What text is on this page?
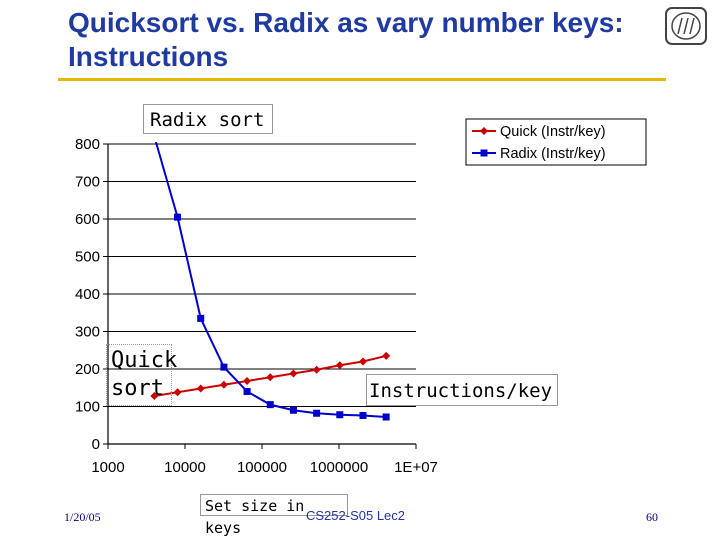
Quicksort vs. Radix as vary number keys: Instructions
0
100
200
300
400
500
600
700
800
1000	10000 100000 1000000 1E+07
Quick (Instr/key)
Radix (Instr/key)
Radix sort
Quick
sort	Instructions/key
Set size in keys
1/20/05	CS252-S05 Lec2	60
